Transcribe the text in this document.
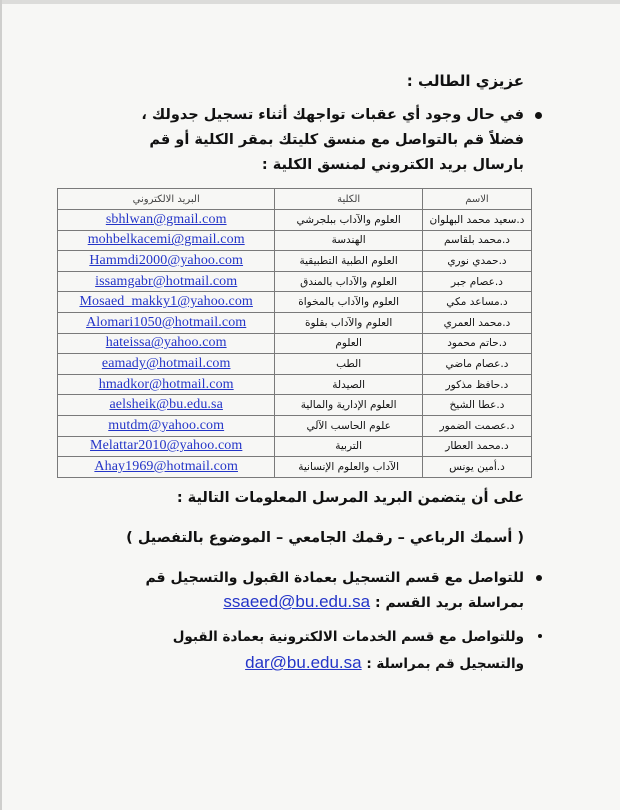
عزيزي الطالب :
في حال وجود أي عقبات تواجهك أثناء تسجيل جدولك ، فضلاً قم بالتواصل مع منسق كليتك بمقر الكلية أو قم بارسال بريد الكتروني لمنسق الكلية :
الاسم	الكلية	البريد الالكتروني
د.سعيد محمد البهلوان	العلوم والآداب ببلجرشي	sbhlwan@gmail.com
د.محمد بلقاسم	الهندسة	mohbelkacemi@gmail.com
د.حمدي نوري	العلوم الطبية التطبيقية	Hammdi2000@yahoo.com
د.عصام جبر	العلوم والآداب بالمندق	issamgabr@hotmail.com
د.مساعد مكي	العلوم والآداب بالمخواة	Mosaed_makky1@yahoo.com
د.محمد العمري	العلوم والآداب بقلوة	Alomari1050@hotmail.com
د.حاتم محمود	العلوم	hateissa@yahoo.com
د.عصام ماضي	الطب	eamady@hotmail.com
د.حافظ مذكور	الصيدلة	hmadkor@hotmail.com
د.عطا الشيخ	العلوم الإدارية والمالية	aelsheik@bu.edu.sa
د.عصمت الضمور	علوم الحاسب الآلي	mutdm@yahoo.com
د.محمد العطار	التربية	Melattar2010@yahoo.com
د.أمين يونس	الآداب والعلوم الإنسانية	Ahay1969@hotmail.com
على أن يتضمن البريد المرسل المعلومات التالية :
( أسمك الرباعي – رقمك الجامعي – الموضوع بالتفصيل )
للتواصل مع قسم التسجيل بعمادة القبول والتسجيل قم بمراسلة بريد القسم : ssaeed@bu.edu.sa
وللتواصل مع قسم الخدمات الالكترونية بعمادة القبول والتسجيل قم بمراسلة : dar@bu.edu.sa
